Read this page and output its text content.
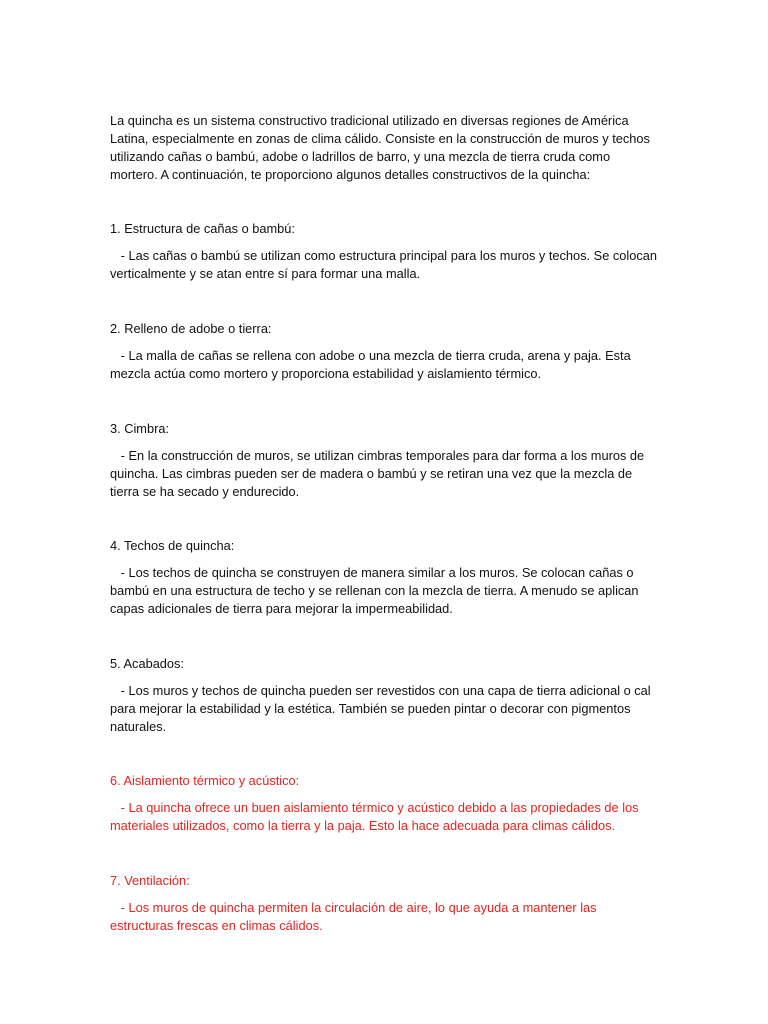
La quincha es un sistema constructivo tradicional utilizado en diversas regiones de América
Latina, especialmente en zonas de clima cálido. Consiste en la construcción de muros y techos
utilizando cañas o bambú, adobe o ladrillos de barro, y una mezcla de tierra cruda como
mortero. A continuación, te proporciono algunos detalles constructivos de la quincha:

1. Estructura de cañas o bambú:

- Las cañas o bambú se utilizan como estructura principal para los muros y techos. Se colocan
verticalmente y se atan entre sí para formar una malla.

2. Relleno de adobe o tierra:

- La malla de cañas se rellena con adobe o una mezcla de tierra cruda, arena y paja. Esta
mezcla actúa como mortero y proporciona estabilidad y aislamiento térmico.

3. Cimbra:

- En la construcción de muros, se utilizan cimbras temporales para dar forma a los muros de
quincha. Las cimbras pueden ser de madera o bambú y se retiran una vez que la mezcla de
tierra se ha secado y endurecido.

4. Techos de quincha:

- Los techos de quincha se construyen de manera similar a los muros. Se colocan cañas o
bambú en una estructura de techo y se rellenan con la mezcla de tierra. A menudo se aplican
capas adicionales de tierra para mejorar la impermeabilidad.

5. Acabados:

- Los muros y techos de quincha pueden ser revestidos con una capa de tierra adicional o cal
para mejorar la estabilidad y la estética. También se pueden pintar o decorar con pigmentos
naturales.

6. Aislamiento térmico y acústico:

- La quincha ofrece un buen aislamiento térmico y acústico debido a las propiedades de los
materiales utilizados, como la tierra y la paja. Esto la hace adecuada para climas cálidos.

7. Ventilación:

- Los muros de quincha permiten la circulación de aire, lo que ayuda a mantener las
estructuras frescas en climas cálidos.
